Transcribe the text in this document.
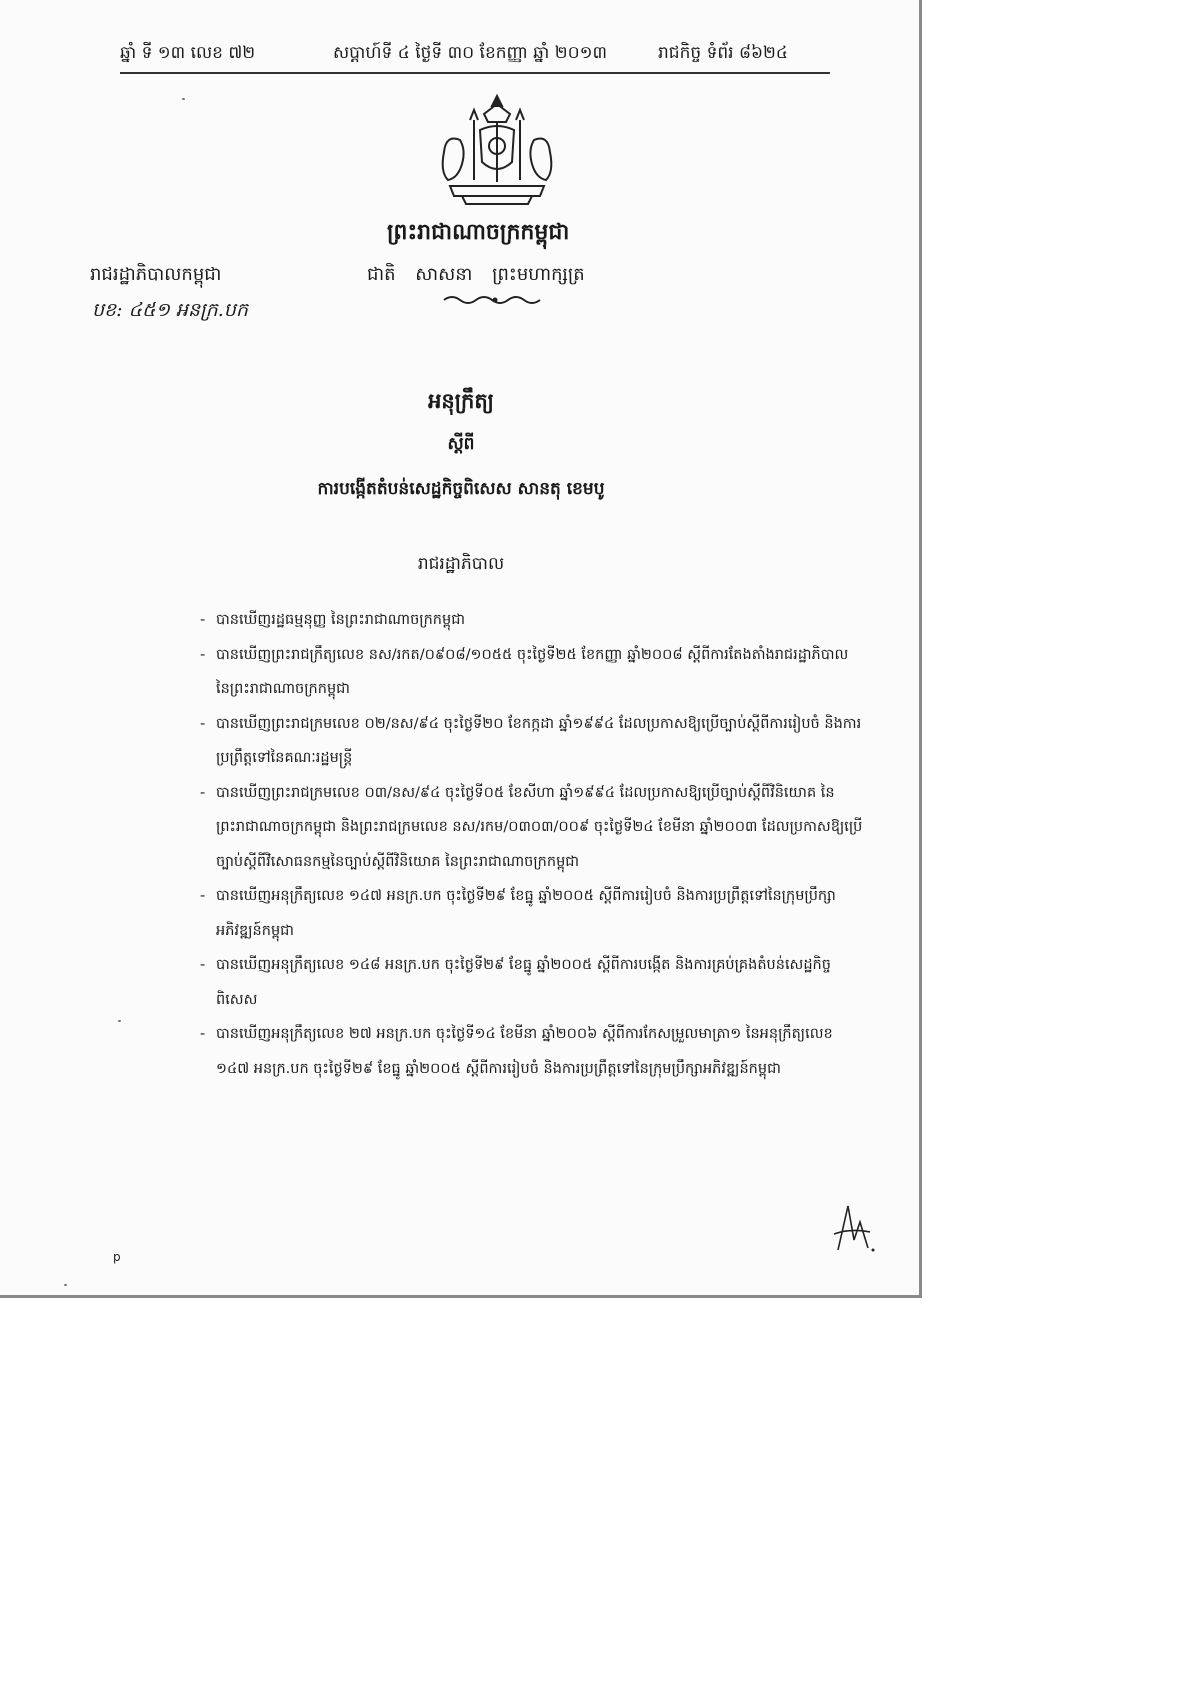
ឆ្នាំ ទី ១៣ លេខ ៧២	សប្តាហ៍ទី ៤ ថ្ងៃទី ៣០ ខែកញ្ញា ឆ្នាំ ២០១៣	រាជកិច្ច ទំព័រ ៨៦២៤
ព្រះរាជាណាចក្រកម្ពុជា
ជាតិ សាសនា ព្រះមហាក្សត្រ
រាជរដ្ឋាភិបាលកម្ពុជា
បខ: ៤៥១ អនក្រ.បក
អនុក្រឹត្យ
ស្តីពី
ការបង្កើតតំបន់សេដ្ឋកិច្ចពិសេស សានតុ ខេមបូ
រាជរដ្ឋាភិបាល

- បានឃើញរដ្ឋធម្មនុញ្ញ នៃព្រះរាជាណាចក្រកម្ពុជា

- បានឃើញព្រះរាជក្រឹត្យលេខ នស/រកត/០៩០៨/១០៥៥ ចុះថ្ងៃទី២៥ ខែកញ្ញា ឆ្នាំ២០០៨ ស្តីពីការតែងតាំងរាជរដ្ឋាភិបាល នៃព្រះរាជាណាចក្រកម្ពុជា

- បានឃើញព្រះរាជក្រមលេខ ០២/នស/៩៤ ចុះថ្ងៃទី២០ ខែកក្កដា ឆ្នាំ១៩៩៤ ដែលប្រកាសឱ្យប្រើច្បាប់ស្តីពីការរៀបចំ និងការប្រព្រឹត្តទៅនៃគណៈរដ្ឋមន្ត្រី

- បានឃើញព្រះរាជក្រមលេខ ០៣/នស/៩៤ ចុះថ្ងៃទី០៥ ខែសីហា ឆ្នាំ១៩៩៤ ដែលប្រកាសឱ្យប្រើច្បាប់ស្តីពីវិនិយោគ នៃព្រះរាជាណាចក្រកម្ពុជា និងព្រះរាជក្រមលេខ នស/រកម/០៣០៣/០០៩ ចុះថ្ងៃទី២៤ ខែមីនា ឆ្នាំ២០០៣ ដែលប្រកាសឱ្យប្រើច្បាប់ស្តីពីវិសោធនកម្មនៃច្បាប់ស្តីពីវិនិយោគ នៃព្រះរាជាណាចក្រកម្ពុជា

- បានឃើញអនុក្រឹត្យលេខ ១៤៧ អនក្រ.បក ចុះថ្ងៃទី២៩ ខែធ្នូ ឆ្នាំ២០០៥ ស្តីពីការរៀបចំ និងការប្រព្រឹត្តទៅនៃក្រុមប្រឹក្សាអភិវឌ្ឍន៍កម្ពុជា

- បានឃើញអនុក្រឹត្យលេខ ១៤៨ អនក្រ.បក ចុះថ្ងៃទី២៩ ខែធ្នូ ឆ្នាំ២០០៥ ស្តីពីការបង្កើត និងការគ្រប់គ្រងតំបន់សេដ្ឋកិច្ចពិសេស

- បានឃើញអនុក្រឹត្យលេខ ២៧ អនក្រ.បក ចុះថ្ងៃទី១៤ ខែមីនា ឆ្នាំ២០០៦ ស្តីពីការកែសម្រួលមាត្រា១ នៃអនុក្រឹត្យលេខ ១៤៧ អនក្រ.បក ចុះថ្ងៃទី២៩ ខែធ្នូ ឆ្នាំ២០០៥ ស្តីពីការរៀបចំ និងការប្រព្រឹត្តទៅនៃក្រុមប្រឹក្សាអភិវឌ្ឍន៍កម្ពុជា

p
